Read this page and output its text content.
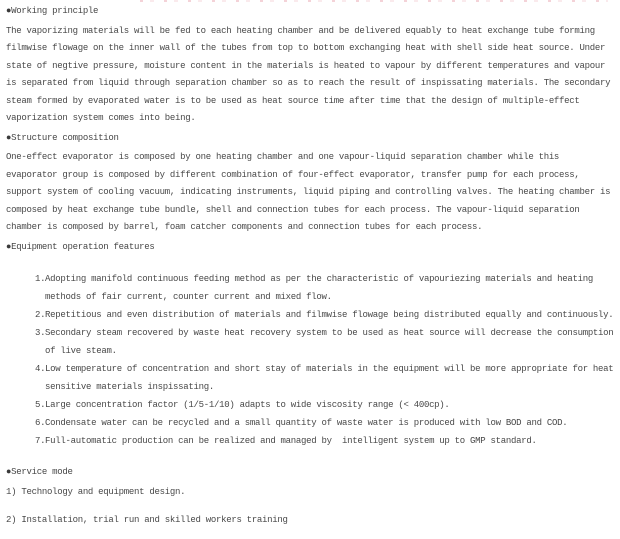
●Working principle
The vaporizing materials will be fed to each heating chamber and be delivered equably to heat exchange tube forming
filmwise flowage on the inner wall of the tubes from top to bottom exchanging heat with shell side heat source. Under
state of negtive pressure, moisture content in the materials is heated to vapour by different temperatures and vapour
is separated from liquid through separation chamber so as to reach the result of inspissating materials. The secondary
steam formed by evaporated water is to be used as heat source time after time that the design of multiple-effect
vaporization system comes into being.
●Structure composition
One-effect evaporator is composed by one heating chamber and one vapour-liquid separation chamber while this
evaporator group is composed by different combination of four-effect evaporator, transfer pump for each process,
support system of cooling vacuum, indicating instruments, liquid piping and controlling valves. The heating chamber is
composed by heat exchange tube bundle, shell and connection tubes for each process. The vapour-liquid separation
chamber is composed by barrel, foam catcher components and connection tubes for each process.
●Equipment operation features
1. Adopting manifold continuous feeding method as per the characteristic of vapouriezing materials and heating
methods of fair current, counter current and mixed flow.
2. Repetitious and even distribution of materials and filmwise flowage being distributed equally and continuously.
3. Secondary steam recovered by waste heat recovery system to be used as heat source will decrease the consumption
of live steam.
4. Low temperature of concentration and short stay of materials in the equipment will be more appropriate for heat
sensitive materials inspissating.
5. Large concentration factor (1/5-1/10) adapts to wide viscosity range (< 400cp).
6. Condensate water can be recycled and a small quantity of waste water is produced with low BOD and COD.
7. Full-automatic production can be realized and managed by  intelligent system up to GMP standard.
●Service mode
1) Technology and equipment design.
2) Installation, trial run and skilled workers training
